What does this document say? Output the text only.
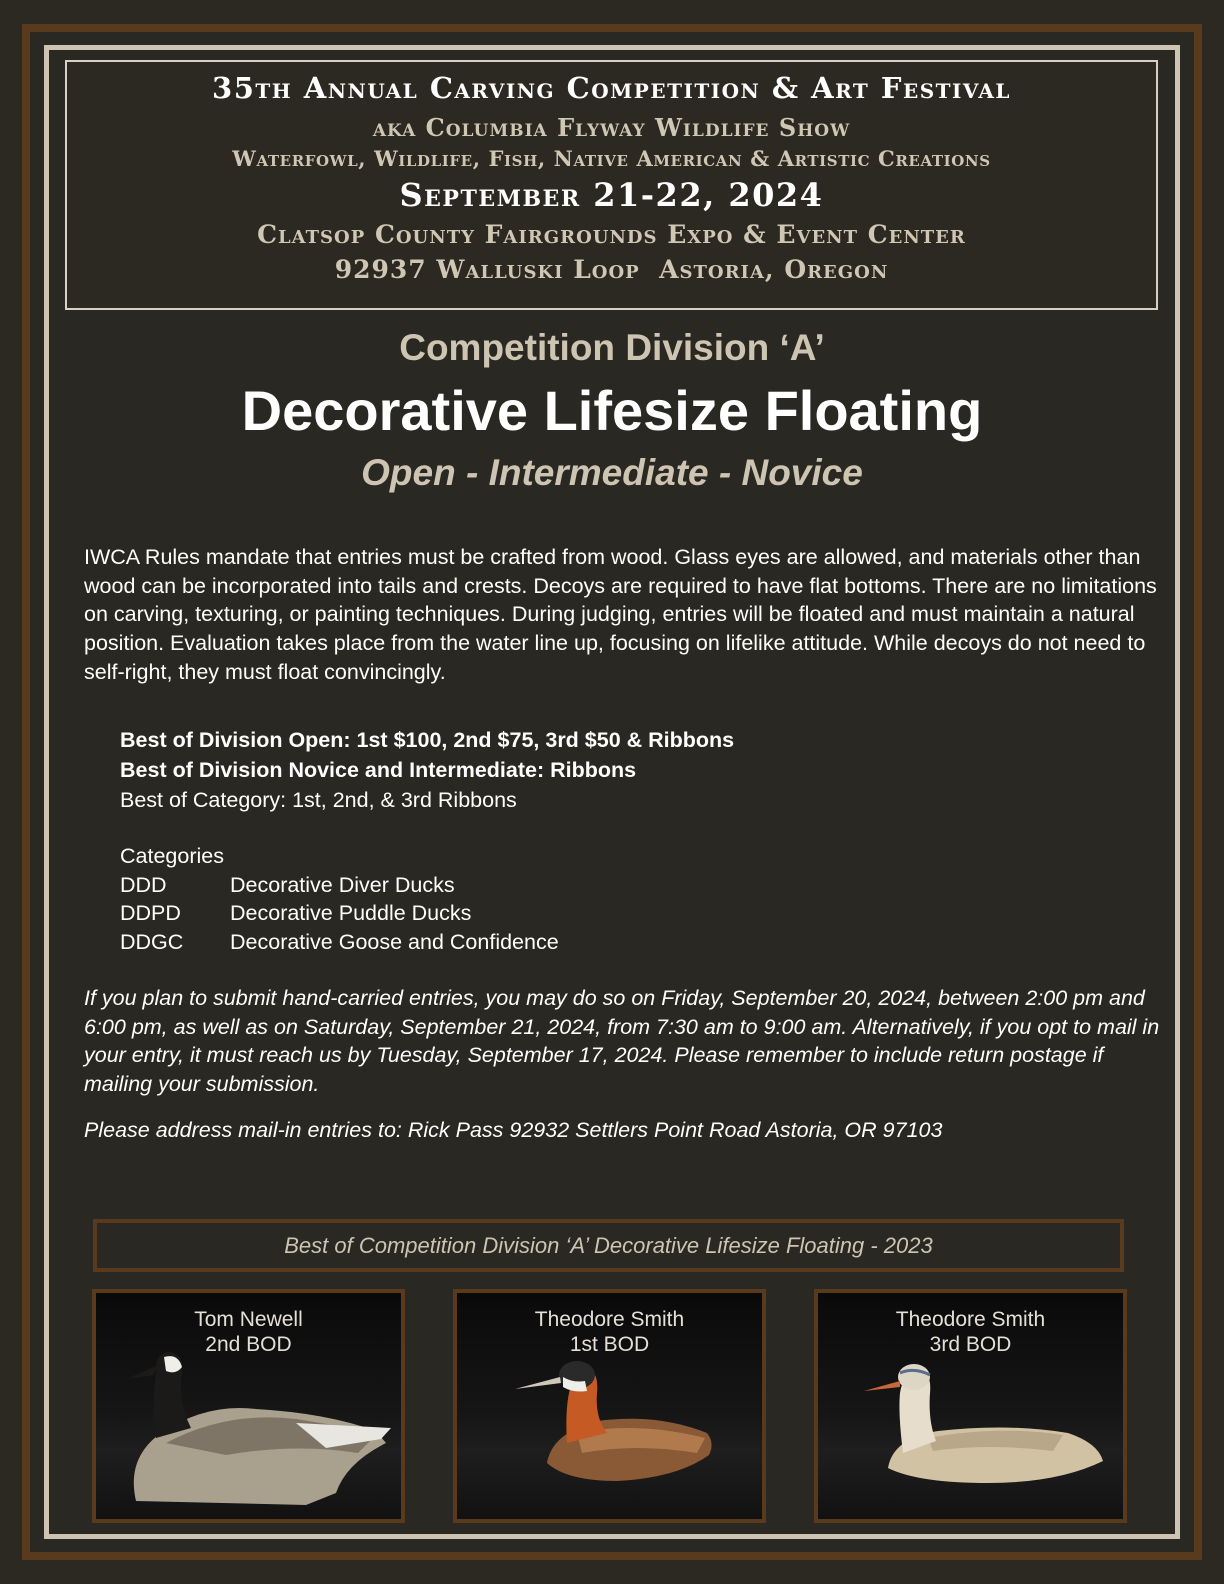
35th Annual Carving Competition & Art Festival
aka Columbia Flyway Wildlife Show
Waterfowl, Wildlife, Fish, Native American & Artistic Creations
September 21-22, 2024
Clatsop County Fairgrounds Expo & Event Center
92937 Walluski Loop  Astoria, Oregon
Competition Division ‘A’
Decorative Lifesize Floating
Open - Intermediate - Novice
IWCA Rules mandate that entries must be crafted from wood. Glass eyes are allowed, and materials other than wood can be incorporated into tails and crests. Decoys are required to have flat bottoms. There are no limitations on carving, texturing, or painting techniques. During judging, entries will be floated and must maintain a natural position. Evaluation takes place from the water line up, focusing on lifelike attitude. While decoys do not need to self-right, they must float convincingly.
Best of Division Open: 1st $100, 2nd $75, 3rd $50 & Ribbons
Best of Division Novice and Intermediate: Ribbons
Best of Category: 1st, 2nd, & 3rd Ribbons
Categories
DDD	Decorative Diver Ducks
DDPD	Decorative Puddle Ducks
DDGC	Decorative Goose and Confidence
If you plan to submit hand-carried entries, you may do so on Friday, September 20, 2024, between 2:00 pm and 6:00 pm, as well as on Saturday, September 21, 2024, from 7:30 am to 9:00 am. Alternatively, if you opt to mail in your entry, it must reach us by Tuesday, September 17, 2024. Please remember to include return postage if mailing your submission.
Please address mail-in entries to: Rick Pass 92932 Settlers Point Road Astoria, OR 97103
Best of Competition Division ‘A’ Decorative Lifesize Floating - 2023
Tom Newell
2nd BOD
Theodore Smith
1st BOD
Theodore Smith
3rd BOD
